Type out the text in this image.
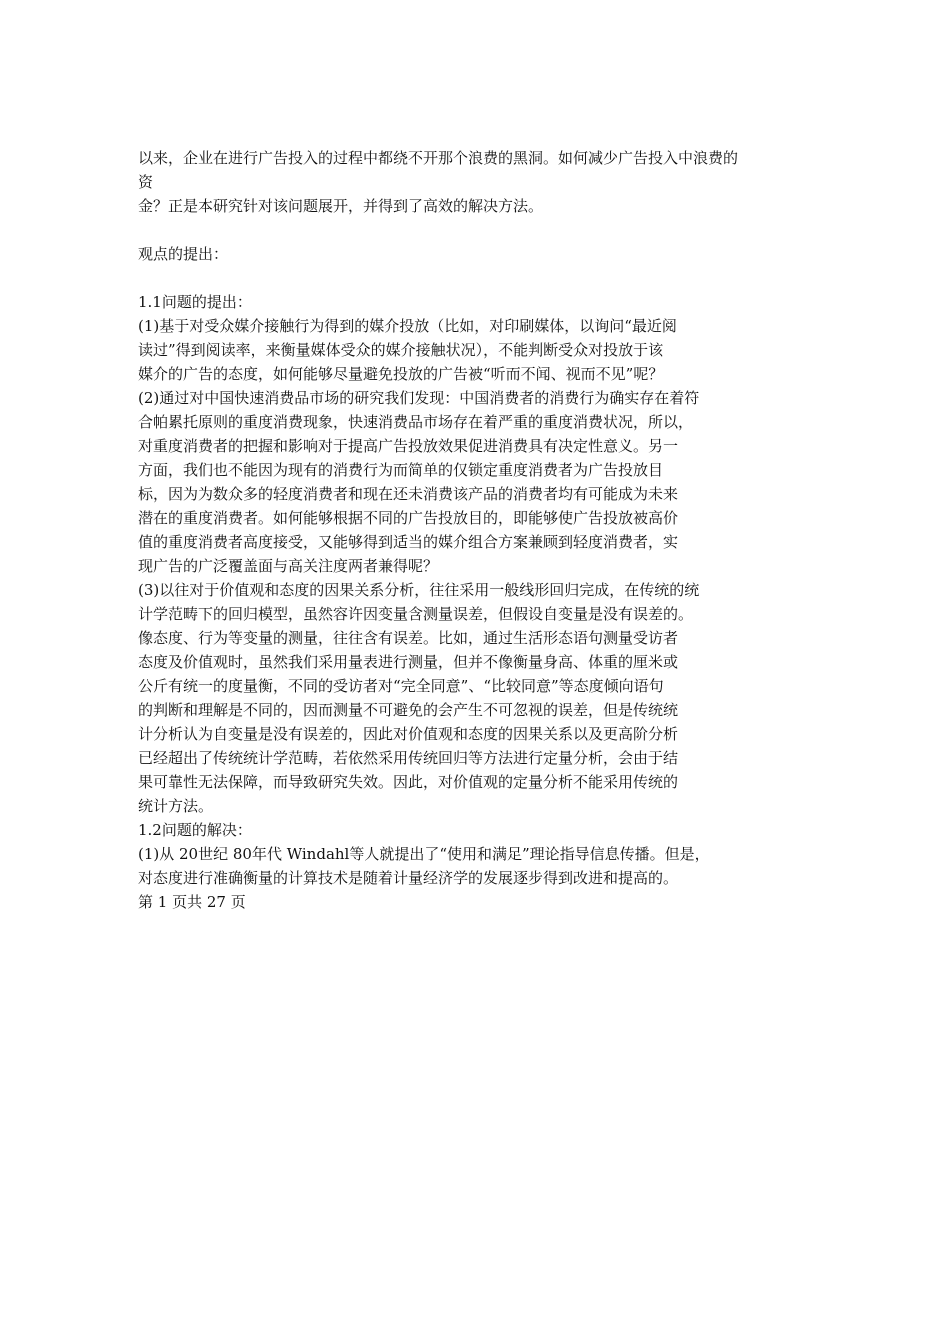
以来，企业在进行广告投入的过程中都绕不开那个浪费的黑洞。如何减少广告投入中浪费的
资
金？正是本研究针对该问题展开，并得到了高效的解决方法。
观点的提出：
1.1问题的提出：
(1)基于对受众媒介接触行为得到的媒介投放（比如，对印刷媒体，以询问“最近阅
读过”得到阅读率，来衡量媒体受众的媒介接触状况），不能判断受众对投放于该
媒介的广告的态度，如何能够尽量避免投放的广告被“听而不闻、视而不见”呢？
(2)通过对中国快速消费品市场的研究我们发现：中国消费者的消费行为确实存在着符
合帕累托原则的重度消费现象，快速消费品市场存在着严重的重度消费状况，所以，
对重度消费者的把握和影响对于提高广告投放效果促进消费具有决定性意义。另一
方面，我们也不能因为现有的消费行为而简单的仅锁定重度消费者为广告投放目
标，因为为数众多的轻度消费者和现在还未消费该产品的消费者均有可能成为未来
潜在的重度消费者。如何能够根据不同的广告投放目的，即能够使广告投放被高价
值的重度消费者高度接受，又能够得到适当的媒介组合方案兼顾到轻度消费者，实
现广告的广泛覆盖面与高关注度两者兼得呢？
(3)以往对于价值观和态度的因果关系分析，往往采用一般线形回归完成，在传统的统
计学范畴下的回归模型，虽然容许因变量含测量误差，但假设自变量是没有误差的。
像态度、行为等变量的测量，往往含有误差。比如，通过生活形态语句测量受访者
态度及价值观时，虽然我们采用量表进行测量，但并不像衡量身高、体重的厘米或
公斤有统一的度量衡，不同的受访者对“完全同意”、“比较同意”等态度倾向语句
的判断和理解是不同的，因而测量不可避免的会产生不可忽视的误差，但是传统统
计分析认为自变量是没有误差的，因此对价值观和态度的因果关系以及更高阶分析
已经超出了传统统计学范畴，若依然采用传统回归等方法进行定量分析，会由于结
果可靠性无法保障，而导致研究失效。因此，对价值观的定量分析不能采用传统的
统计方法。
1.2问题的解决：
(1)从 20世纪 80年代 Windahl等人就提出了“使用和满足”理论指导信息传播。但是，
对态度进行准确衡量的计算技术是随着计量经济学的发展逐步得到改进和提高的。
第 1 页共 27 页
